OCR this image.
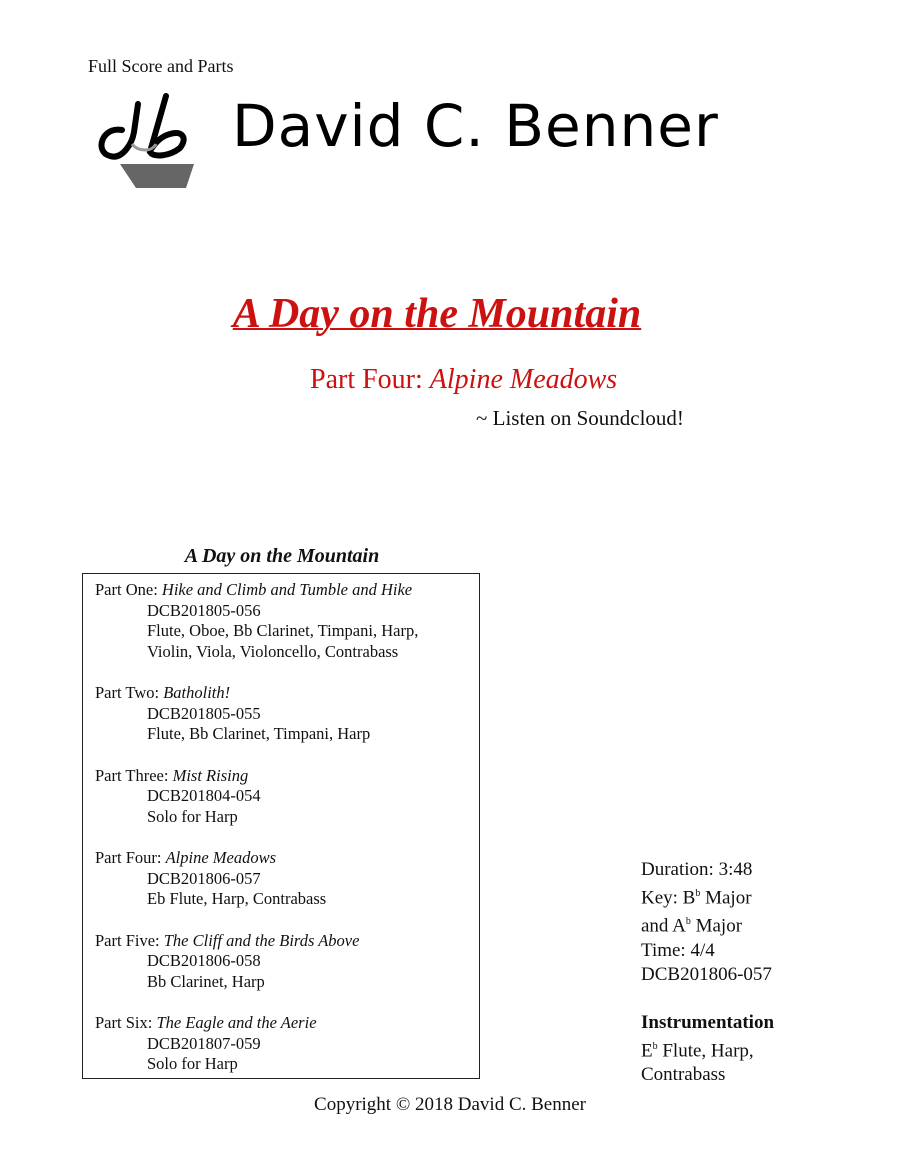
Full Score and Parts
David C. Benner
A Day on the Mountain
Part Four: Alpine Meadows
~ Listen on Soundcloud!
A Day on the Mountain
Part One: Hike and Climb and Tumble and Hike
DCB201805-056
Flute, Oboe, Bb Clarinet, Timpani, Harp,
Violin, Viola, Violoncello, Contrabass
Part Two: Batholith!
DCB201805-055
Flute, Bb Clarinet, Timpani, Harp
Part Three: Mist Rising
DCB201804-054
Solo for Harp
Part Four: Alpine Meadows
DCB201806-057
Eb Flute, Harp, Contrabass
Part Five: The Cliff and the Birds Above
DCB201806-058
Bb Clarinet, Harp
Part Six: The Eagle and the Aerie
DCB201807-059
Solo for Harp
Duration: 3:48
Key: $B^b$ Major
and $A^b$ Major
Time: 4/4
DCB201806-057
Instrumentation
$E^b$ Flute, Harp,
Contrabass
Copyright © 2018 David C. Benner
